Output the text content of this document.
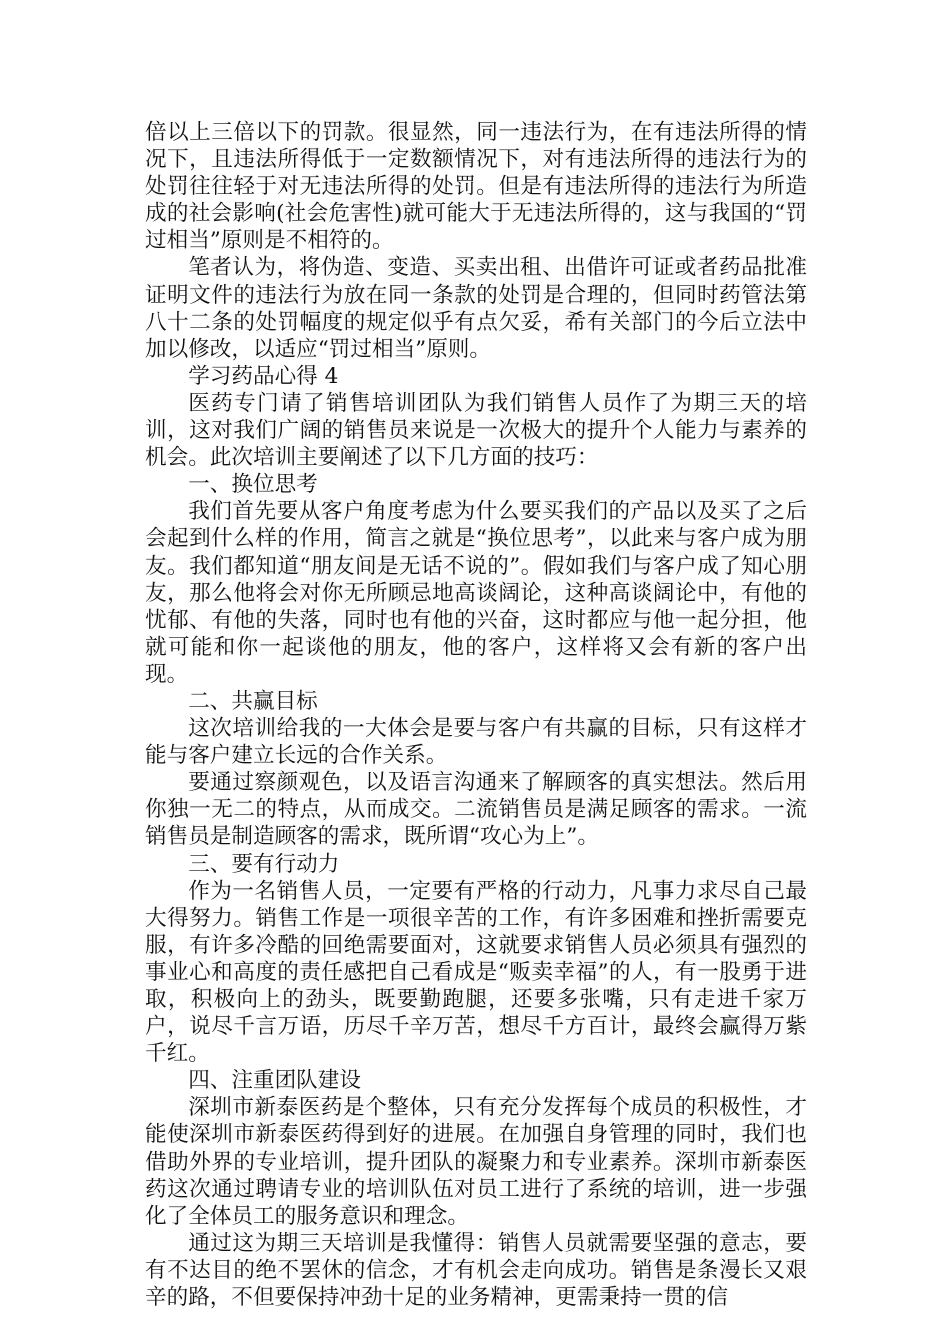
倍以上三倍以下的罚款。很显然，同一违法行为，在有违法所得的情况下，且违法所得低于一定数额情况下，对有违法所得的违法行为的处罚往往轻于对无违法所得的处罚。但是有违法所得的违法行为所造成的社会影响(社会危害性)就可能大于无违法所得的，这与我国的“罚过相当”原则是不相符的。

笔者认为，将伪造、变造、买卖出租、出借许可证或者药品批准证明文件的违法行为放在同一条款的处罚是合理的，但同时药管法第八十二条的处罚幅度的规定似乎有点欠妥，希有关部门的今后立法中加以修改，以适应“罚过相当”原则。

学习药品心得 4

医药专门请了销售培训团队为我们销售人员作了为期三天的培训，这对我们广阔的销售员来说是一次极大的提升个人能力与素养的机会。此次培训主要阐述了以下几方面的技巧：

一、换位思考

我们首先要从客户角度考虑为什么要买我们的产品以及买了之后会起到什么样的作用，简言之就是“换位思考”，以此来与客户成为朋友。我们都知道“朋友间是无话不说的”。假如我们与客户成了知心朋友，那么他将会对你无所顾忌地高谈阔论，这种高谈阔论中，有他的忧郁、有他的失落，同时也有他的兴奋，这时都应与他一起分担，他就可能和你一起谈他的朋友，他的客户，这样将又会有新的客户出现。

二、共赢目标

这次培训给我的一大体会是要与客户有共赢的目标，只有这样才能与客户建立长远的合作关系。

要通过察颜观色，以及语言沟通来了解顾客的真实想法。然后用你独一无二的特点，从而成交。二流销售员是满足顾客的需求。一流销售员是制造顾客的需求，既所谓“攻心为上”。

三、要有行动力

作为一名销售人员，一定要有严格的行动力，凡事力求尽自己最大得努力。销售工作是一项很辛苦的工作，有许多困难和挫折需要克服，有许多冷酷的回绝需要面对，这就要求销售人员必须具有强烈的事业心和高度的责任感把自己看成是“贩卖幸福”的人，有一股勇于进取，积极向上的劲头，既要勤跑腿，还要多张嘴，只有走进千家万户，说尽千言万语，历尽千辛万苦，想尽千方百计，最终会赢得万紫千红。

四、注重团队建设

深圳市新泰医药是个整体，只有充分发挥每个成员的积极性，才能使深圳市新泰医药得到好的进展。在加强自身管理的同时，我们也借助外界的专业培训，提升团队的凝聚力和专业素养。深圳市新泰医药这次通过聘请专业的培训队伍对员工进行了系统的培训，进一步强化了全体员工的服务意识和理念。

通过这为期三天培训是我懂得：销售人员就需要坚强的意志，要有不达目的绝不罢休的信念，才有机会走向成功。销售是条漫长又艰辛的路，不但要保持冲劲十足的业务精神，更需秉持一贯的信
